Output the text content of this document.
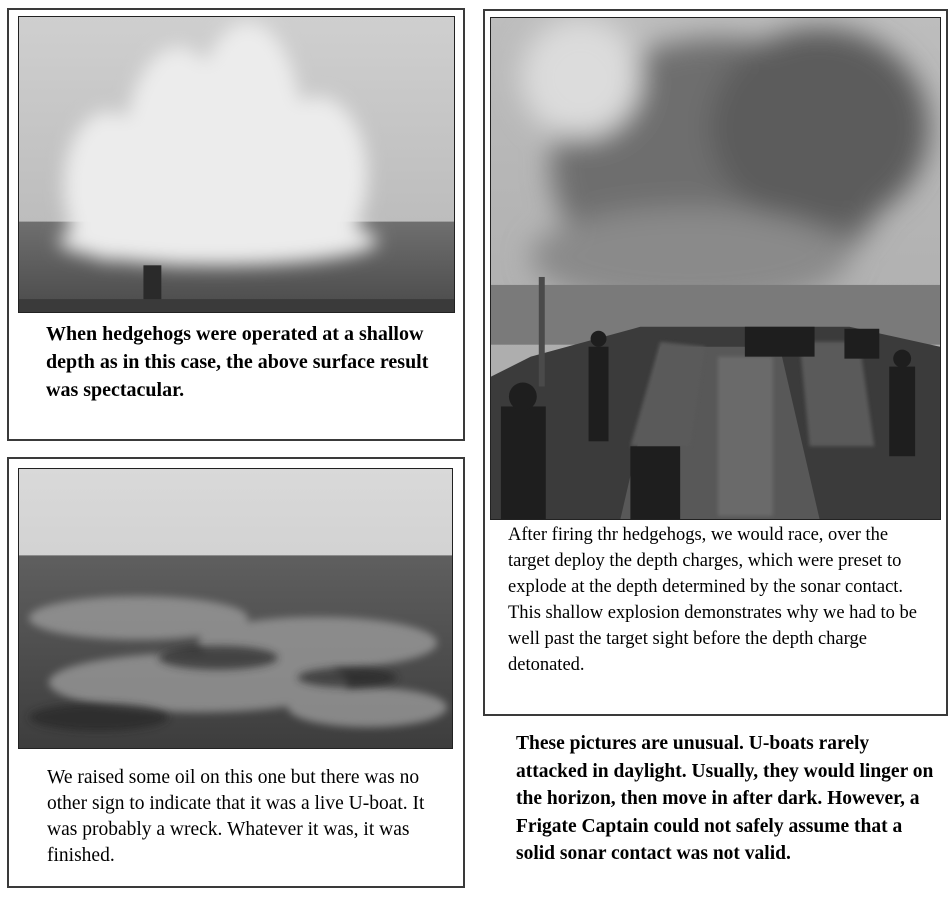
When hedgehogs were operated at a shallow depth as in this case, the above surface result was spectacular.

We raised some oil on this one but there was no other sign to indicate that it was a live U-boat. It was probably a wreck. Whatever it was, it was finished.

After firing thr hedgehogs, we would race, over the target deploy the depth charges, which were preset to explode at the depth determined by the sonar contact. This shallow explosion demonstrates why we had to be well past the target sight before the depth charge detonated.

These pictures are unusual. U-boats rarely attacked in daylight. Usually, they would linger on the horizon, then move in after dark. However, a Frigate Captain could not safely assume that a solid sonar contact was not valid.
